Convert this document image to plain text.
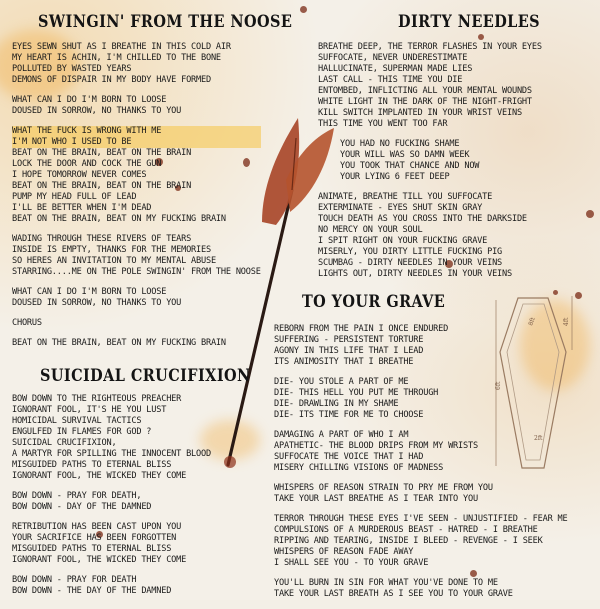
4ft
8ft
2ft
6ft
SWINGIN' FROM THE NOOSE
EYES SEWN SHUT AS I BREATHE IN THIS COLD AIR
MY HEART IS ACHIN, I'M CHILLED TO THE BONE
POLLUTED BY WASTED YEARS
DEMONS OF DISPAIR IN MY BODY HAVE FORMED
WHAT CAN I DO I'M BORN TO LOOSE
DOUSED IN SORROW, NO THANKS TO YOU
WHAT THE FUCK IS WRONG WITH ME
I'M NOT WHO I USED TO BE
BEAT ON THE BRAIN, BEAT ON THE BRAIN
LOCK THE DOOR AND COCK THE GUN
I HOPE TOMORROW NEVER COMES
BEAT ON THE BRAIN, BEAT ON THE BRAIN
PUMP MY HEAD FULL OF LEAD
I'LL BE BETTER WHEN I'M DEAD
BEAT ON THE BRAIN, BEAT ON MY FUCKING BRAIN
WADING THROUGH THESE RIVERS OF TEARS
INSIDE IS EMPTY, THANKS FOR THE MEMORIES
SO HERES AN INVITATION TO MY MENTAL ABUSE
STARRING....ME ON THE POLE SWINGIN' FROM THE NOOSE
WHAT CAN I DO I'M BORN TO LOOSE
DOUSED IN SORROW, NO THANKS TO YOU
CHORUS
BEAT ON THE BRAIN, BEAT ON MY FUCKING BRAIN
SUICIDAL CRUCIFIXION
BOW DOWN TO THE RIGHTEOUS PREACHER
IGNORANT FOOL, IT'S HE YOU LUST
HOMICIDAL SURVIVAL TACTICS
ENGULFED IN FLAMES FOR GOD ?
SUICIDAL CRUCIFIXION,
A MARTYR FOR SPILLING THE INNOCENT BLOOD
MISGUIDED PATHS TO ETERNAL BLISS
IGNORANT FOOL, THE WICKED THEY COME
BOW DOWN - PRAY FOR DEATH,
BOW DOWN - DAY OF THE DAMNED
RETRIBUTION HAS BEEN CAST UPON YOU
YOUR SACRIFICE HAS BEEN FORGOTTEN
MISGUIDED PATHS TO ETERNAL BLISS
IGNORANT FOOL, THE WICKED THEY COME
BOW DOWN - PRAY FOR DEATH
BOW DOWN - THE DAY OF THE DAMNED
DIRTY NEEDLES
BREATHE DEEP, THE TERROR FLASHES IN YOUR EYES
SUFFOCATE, NEVER UNDERESTIMATE
HALLUCINATE, SUPERMAN MADE LIES
LAST CALL - THIS TIME YOU DIE
ENTOMBED, INFLICTING ALL YOUR MENTAL WOUNDS
WHITE LIGHT IN THE DARK OF THE NIGHT-FRIGHT
KILL SWITCH IMPLANTED IN YOUR WRIST VEINS
THIS TIME YOU WENT TOO FAR
YOU HAD NO FUCKING SHAME
YOUR WILL WAS SO DAMN WEEK
YOU TOOK THAT CHANCE AND NOW
YOUR LYING 6 FEET DEEP
ANIMATE, BREATHE TILL YOU SUFFOCATE
EXTERMINATE - EYES SHUT SKIN GRAY
TOUCH DEATH AS YOU CROSS INTO THE DARKSIDE
NO MERCY ON YOUR SOUL
I SPIT RIGHT ON YOUR FUCKING GRAVE
MISERLY, YOU DIRTY LITTLE FUCKING PIG
SCUMBAG - DIRTY NEEDLES IN YOUR VEINS
LIGHTS OUT, DIRTY NEEDLES IN YOUR VEINS
TO YOUR GRAVE
REBORN FROM THE PAIN I ONCE ENDURED
SUFFERING - PERSISTENT TORTURE
AGONY IN THIS LIFE THAT I LEAD
ITS ANIMOSITY THAT I BREATHE
DIE- YOU STOLE A PART OF ME
DIE- THIS HELL YOU PUT ME THROUGH
DIE- DRAWLING IN MY SHAME
DIE- ITS TIME FOR ME TO CHOOSE
DAMAGING A PART OF WHO I AM
APATHETIC- THE BLOOD DRIPS FROM MY WRISTS
SUFFOCATE THE VOICE THAT I HAD
MISERY CHILLING VISIONS OF MADNESS
WHISPERS OF REASON STRAIN TO PRY ME FROM YOU
TAKE YOUR LAST BREATHE AS I TEAR INTO YOU
TERROR THROUGH THESE EYES I'VE SEEN - UNJUSTIFIED - FEAR ME
COMPULSIONS OF A MURDEROUS BEAST - HATRED - I BREATHE
RIPPING AND TEARING, INSIDE I BLEED - REVENGE - I SEEK
WHISPERS OF REASON FADE AWAY
I SHALL SEE YOU - TO YOUR GRAVE
YOU'LL BURN IN SIN FOR WHAT YOU'VE DONE TO ME
TAKE YOUR LAST BREATH AS I SEE YOU TO YOUR GRAVE
